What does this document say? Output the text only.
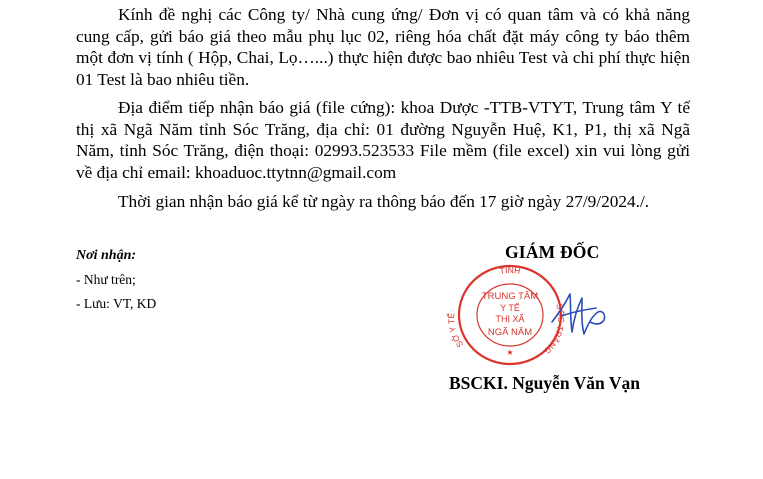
Kính đề nghị các Công ty/ Nhà cung ứng/ Đơn vị có quan tâm và có khả năng cung cấp, gửi báo giá theo mẫu phụ lục 02, riêng hóa chất đặt máy công ty báo thêm một đơn vị tính ( Hộp, Chai, Lọ…...) thực hiện được bao nhiêu Test và chi phí thực hiện 01 Test là bao nhiêu tiền.

Địa điểm tiếp nhận báo giá (file cứng): khoa Dược -TTB-VTYT, Trung tâm Y tế thị xã Ngã Năm tỉnh Sóc Trăng, địa chỉ: 01 đường Nguyễn Huệ, K1, P1, thị xã Ngã Năm, tỉnh Sóc Trăng, điện thoại: 02993.523533 File mềm (file excel) xin vui lòng gửi về địa chỉ email: khoaduoc.ttytnn@gmail.com

Thời gian nhận báo giá kể từ ngày ra thông báo đến 17 giờ ngày 27/9/2024./.

Nơi nhận:
- Như trên;
- Lưu: VT, KD
GIÁM ĐỐC
TỈNH
SỞ Y TẾ
SÓC TRĂNG
TRUNG TÂM
Y TẾ
THỊ XÃ
NGÃ NĂM
★
BSCKI. Nguyễn Văn Vạn
